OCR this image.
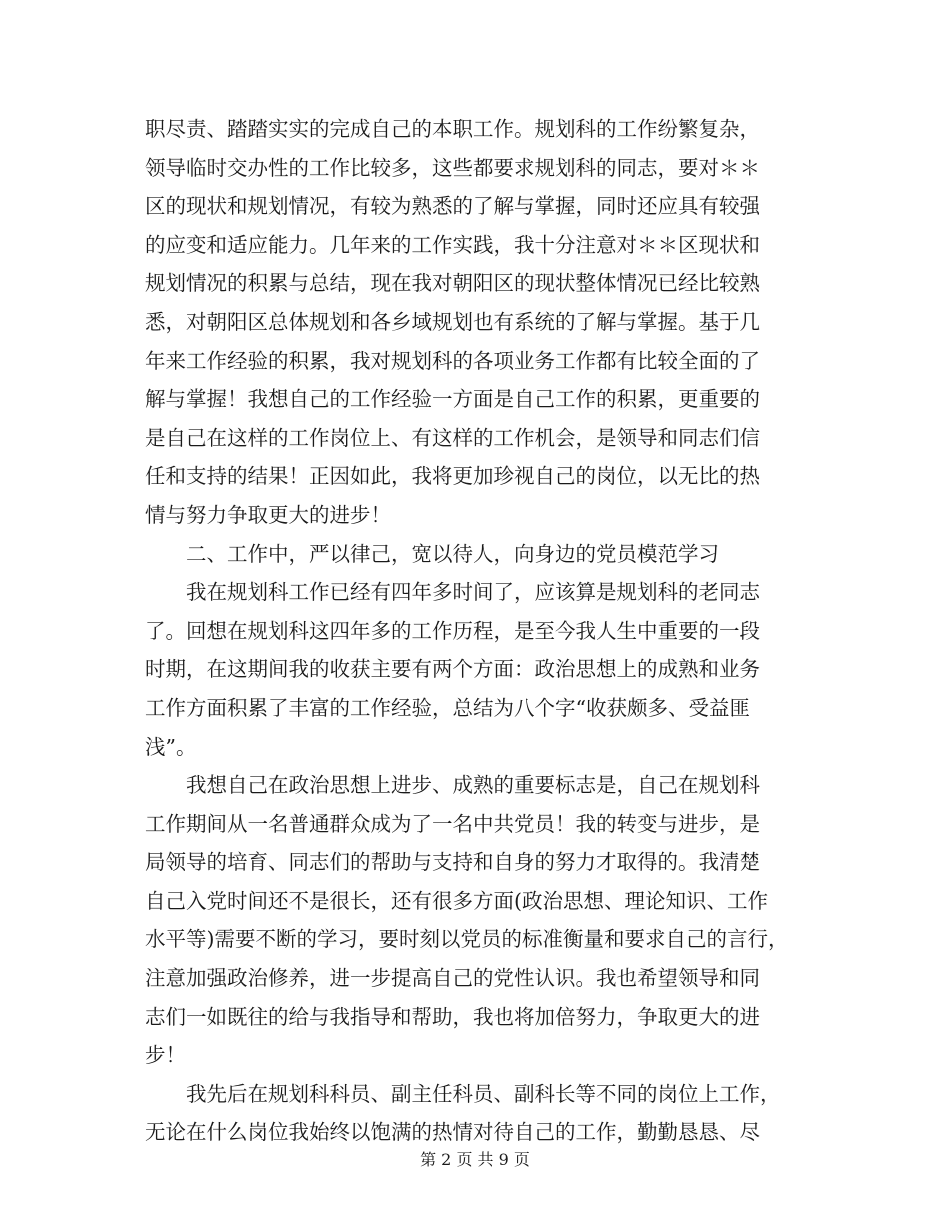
职尽责、踏踏实实的完成自己的本职工作。规划科的工作纷繁复杂，
领导临时交办性的工作比较多，这些都要求规划科的同志，要对＊＊
区的现状和规划情况，有较为熟悉的了解与掌握，同时还应具有较强
的应变和适应能力。几年来的工作实践，我十分注意对＊＊区现状和
规划情况的积累与总结，现在我对朝阳区的现状整体情况已经比较熟
悉，对朝阳区总体规划和各乡域规划也有系统的了解与掌握。基于几
年来工作经验的积累，我对规划科的各项业务工作都有比较全面的了
解与掌握！我想自己的工作经验一方面是自己工作的积累，更重要的
是自己在这样的工作岗位上、有这样的工作机会，是领导和同志们信
任和支持的结果！正因如此，我将更加珍视自己的岗位，以无比的热
情与努力争取更大的进步！
二、工作中，严以律己，宽以待人，向身边的党员模范学习
我在规划科工作已经有四年多时间了，应该算是规划科的老同志
了。回想在规划科这四年多的工作历程，是至今我人生中重要的一段
时期，在这期间我的收获主要有两个方面：政治思想上的成熟和业务
工作方面积累了丰富的工作经验，总结为八个字“收获颇多、受益匪
浅”。
我想自己在政治思想上进步、成熟的重要标志是，自己在规划科
工作期间从一名普通群众成为了一名中共党员！我的转变与进步，是
局领导的培育、同志们的帮助与支持和自身的努力才取得的。我清楚
自己入党时间还不是很长，还有很多方面(政治思想、理论知识、工作
水平等)需要不断的学习，要时刻以党员的标准衡量和要求自己的言行，
注意加强政治修养，进一步提高自己的党性认识。我也希望领导和同
志们一如既往的给与我指导和帮助，我也将加倍努力，争取更大的进
步！
我先后在规划科科员、副主任科员、副科长等不同的岗位上工作，
无论在什么岗位我始终以饱满的热情对待自己的工作，勤勤恳恳、尽
第 2 页 共 9 页
